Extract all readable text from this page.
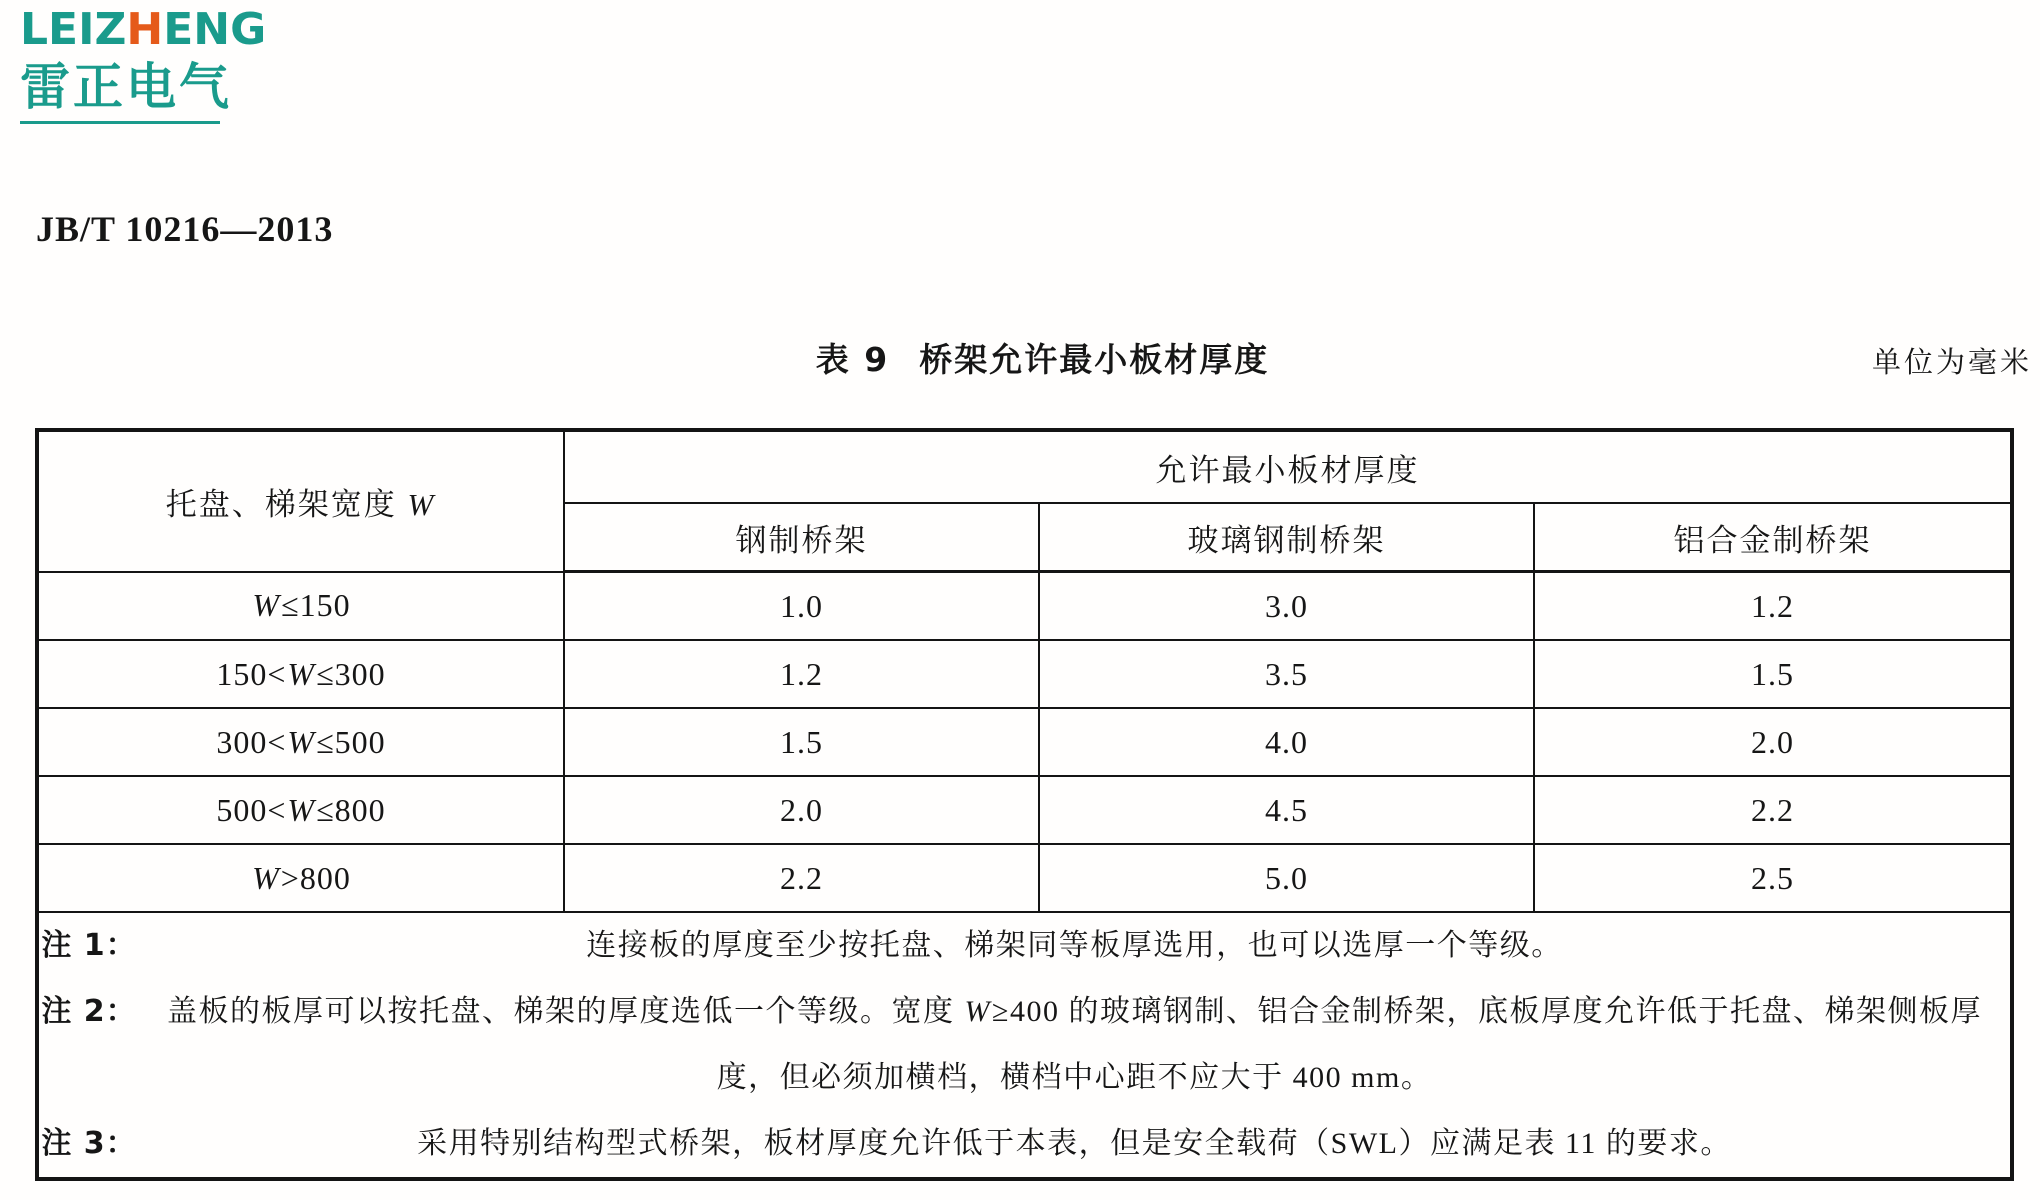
LEIZHENG
雷正电气
JB/T 10216—2013
表 9 桥架允许最小板材厚度	单位为毫米
托盘、梯架宽度 W	允许最小板材厚度		
	钢制桥架	玻璃钢制桥架	铝合金制桥架
W≤150	1.0	3.0	1.2
150<W≤300	1.2	3.5	1.5
300<W≤500	1.5	4.0	2.0
500<W≤800	2.0	4.5	2.2
W>800	2.2	5.0	2.5

注 1：	连接板的厚度至少按托盘、梯架同等板厚选用，也可以选厚一个等级。
注 2：	盖板的板厚可以按托盘、梯架的厚度选低一个等级。宽度 W≥400 的玻璃钢制、铝合金制桥架，底板厚度允许低于托盘、梯架侧板厚度，但必须加横档，横档中心距不应大于 400 mm。
注 3：	采用特别结构型式桥架，板材厚度允许低于本表，但是安全载荷（SWL）应满足表 11 的要求。
